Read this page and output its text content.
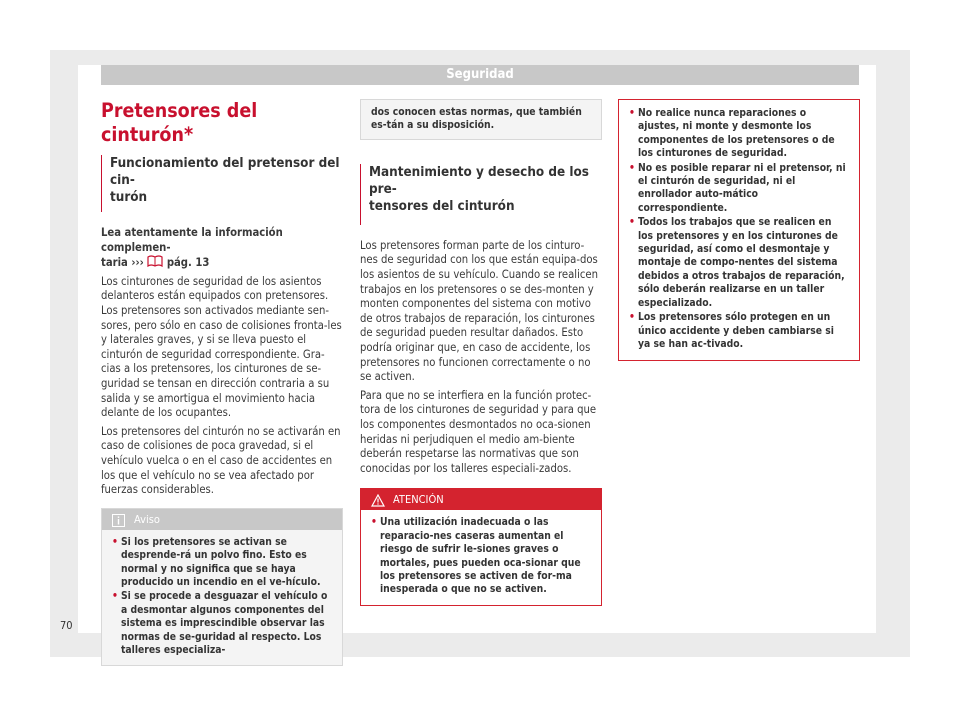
Seguridad
Pretensores del cinturón*
Funcionamiento del pretensor del cin-
turón

Lea atentamente la información complemen-
taria ››› pág. 13

Los cinturones de seguridad de los asientos delanteros están equipados con pretensores. Los pretensores son activados mediante sen-sores, pero sólo en caso de colisiones fronta-les y laterales graves, y si se lleva puesto el cinturón de seguridad correspondiente. Gra-cias a los pretensores, los cinturones de se-guridad se tensan en dirección contraria a su salida y se amortigua el movimiento hacia delante de los ocupantes.

Los pretensores del cinturón no se activarán en caso de colisiones de poca gravedad, si el vehículo vuelca o en el caso de accidentes en los que el vehículo no se vea afectado por fuerzas considerables.

Aviso
• Si los pretensores se activan se desprende-rá un polvo fino. Esto es normal y no significa que se haya producido un incendio en el ve-hículo.
• Si se procede a desguazar el vehículo o a desmontar algunos componentes del sistema es imprescindible observar las normas de se-guridad al respecto. Los talleres especializa-
dos conocen estas normas, que también es-tán a su disposición.
Mantenimiento y desecho de los pre-
tensores del cinturón

Los pretensores forman parte de los cinturo-nes de seguridad con los que están equipa-dos los asientos de su vehículo. Cuando se realicen trabajos en los pretensores o se des-monten y monten componentes del sistema con motivo de otros trabajos de reparación, los cinturones de seguridad pueden resultar dañados. Esto podría originar que, en caso de accidente, los pretensores no funcionen correctamente o no se activen.

Para que no se interfiera en la función protec-tora de los cinturones de seguridad y para que los componentes desmontados no oca-sionen heridas ni perjudiquen el medio am-biente deberán respetarse las normativas que son conocidas por los talleres especiali-zados.

ATENCIÓN
• Una utilización inadecuada o las reparacio-nes caseras aumentan el riesgo de sufrir le-siones graves o mortales, pues pueden oca-sionar que los pretensores se activen de for-ma inesperada o que no se activen.
• No realice nunca reparaciones o ajustes, ni monte y desmonte los componentes de los pretensores o de los cinturones de seguridad.
• No es posible reparar ni el pretensor, ni el cinturón de seguridad, ni el enrollador auto-mático correspondiente.
• Todos los trabajos que se realicen en los pretensores y en los cinturones de seguridad, así como el desmontaje y montaje de compo-nentes del sistema debidos a otros trabajos de reparación, sólo deberán realizarse en un taller especializado.
• Los pretensores sólo protegen en un único accidente y deben cambiarse si ya se han ac-tivado.
70
